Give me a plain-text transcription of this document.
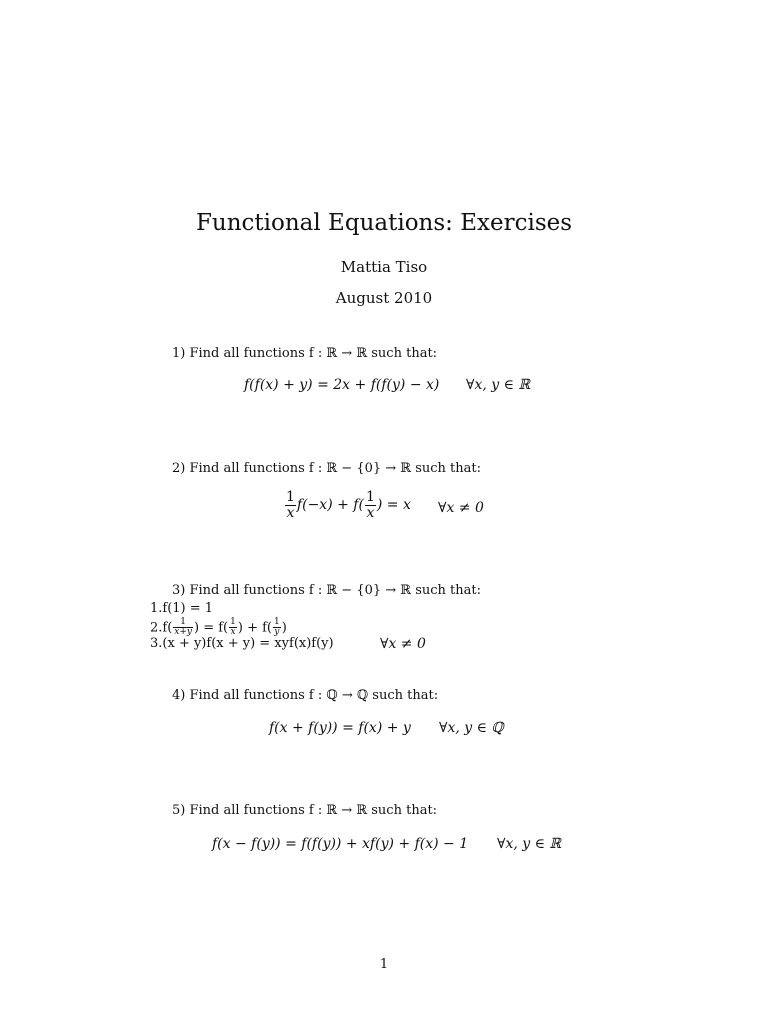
Functional Equations: Exercises
Mattia Tiso
August 2010
1) Find all functions f : ℝ → ℝ such that:
f(f(x) + y) = 2x + f(f(y) − x) ∀x, y ∈ ℝ
2) Find all functions f : ℝ − {0} → ℝ such that:
$\frac{1}{x} f(-x) + f( \frac{1}{x}$ ) = x ∀x ≠ 0
3) Find all functions f : ℝ − {0} → ℝ such that:
1.f(1) = 1
$2.f( \frac{1}{x+y}$ ) = $f( \frac{1}{x}$ ) + $f( \frac{1}{y}$ )
3.(x + y)f(x + y) = xyf(x)f(y)	∀x ≠ 0
4) Find all functions f : ℚ → ℚ such that:
f(x + f(y)) = f(x) + y ∀x, y ∈ ℚ
5) Find all functions f : ℝ → ℝ such that:
f(x − f(y)) = f(f(y)) + xf(y) + f(x) − 1 ∀x, y ∈ ℝ
1
